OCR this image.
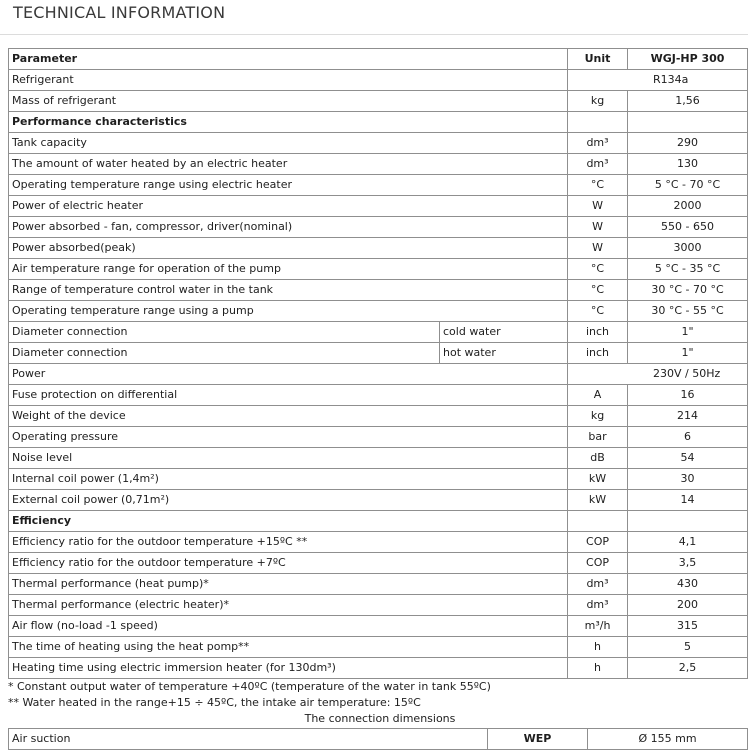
TECHNICAL INFORMATION
Parameter		Unit	WGJ-HP 300
Refrigerant		R134a	
Mass of refrigerant		kg	1,56
Performance characteristics			
Tank capacity		dm³	290
The amount of water heated by an electric heater		dm³	130
Operating temperature range using electric heater		°C	5 °C - 70 °C
Power of electric heater		W	2000
Power absorbed - fan, compressor, driver(nominal)		W	550 - 650
Power absorbed(peak)		W	3000
Air temperature range for operation of the pump		°C	5 °C - 35 °C
Range of temperature control water in the tank		°C	30 °C - 70 °C
Operating temperature range using a pump		°C	30 °C - 55 °C
Diameter connection	cold water	inch	1"
Diameter connection	hot water	inch	1"
Power		230V / 50Hz	
Fuse protection on differential		A	16
Weight of the device		kg	214
Operating pressure		bar	6
Noise level		dB	54
Internal coil power (1,4m²)		kW	30
External coil power (0,71m²)		kW	14
Efficiency			
Efficiency ratio for the outdoor temperature +15ºC **		COP	4,1
Efficiency ratio for the outdoor temperature +7ºC		COP	3,5
Thermal performance (heat pump)*		dm³	430
Thermal performance (electric heater)*		dm³	200
Air flow (no-load -1 speed)		m³/h	315
The time of heating using the heat pomp**		h	5
Heating time using electric immersion heater (for 130dm³)		h	2,5
* Constant output water of temperature +40ºC (temperature of the water in tank 55ºC)
** Water heated in the range+15 ÷ 45ºC, the intake air temperature: 15ºC
The connection dimensions
Air suction	WEP	Ø 155 mm
